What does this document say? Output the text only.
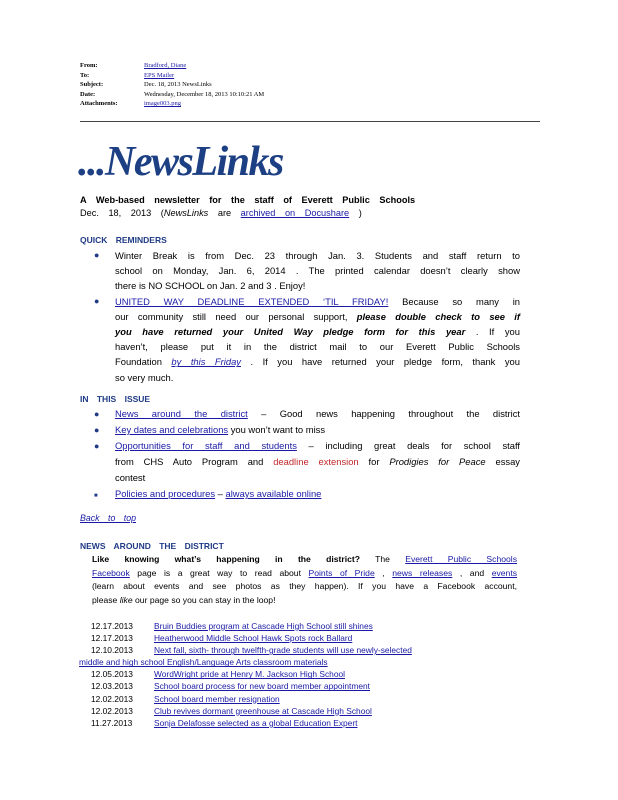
From:	Bradford, Diane
To:	EPS Mailer
Subject:	Dec. 18, 2013 NewsLinks
Date:	Wednesday, December 18, 2013 10:10:21 AM
Attachments:	image003.png
...NewsLinks
A Web-based newsletter for the staff of Everett Public Schools
Dec. 18, 2013 (NewsLinks are archived on Docushare )
QUICK REMINDERS
● Winter Break is from Dec. 23 through Jan. 3. Students and staff return to
school on Monday, Jan. 6, 2014 . The printed calendar doesn’t clearly show
there is NO SCHOOL on Jan. 2 and 3 . Enjoy!
● UNITED WAY DEADLINE EXTENDED ‘TIL FRIDAY! Because so many in
our community still need our personal support, please double check to see if
you have returned your United Way pledge form for this year . If you
haven’t, please put it in the district mail to our Everett Public Schools
Foundation by this Friday . If you have returned your pledge form, thank you
so very much.
IN THIS ISSUE
● News around the district – Good news happening throughout the district
● Key dates and celebrations you won’t want to miss
● Opportunities for staff and students – including great deals for school staff
from CHS Auto Program and deadline extension for Prodigies for Peace essay
contest
■ Policies and procedures – always available online
Back to top
NEWS AROUND THE DISTRICT
Like knowing what’s happening in the district? The Everett Public Schools
Facebook page is a great way to read about Points of Pride , news releases , and events
(learn about events and see photos as they happen). If you have a Facebook account,
please like our page so you can stay in the loop!
12.17.2013	Bruin Buddies program at Cascade High School still shines
12.17.2013	Heatherwood Middle School Hawk Spots rock Ballard
12.10.2013	Next fall, sixth- through twelfth-grade students will use newly-selected
middle and high school English/Language Arts classroom materials
12.05.2013	WordWright pride at Henry M. Jackson High School
12.03.2013	School board process for new board member appointment
12.02.2013	School board member resignation
12.02.2013	Club revives dormant greenhouse at Cascade High School
11.27.2013	Sonja Delafosse selected as a global Education Expert
